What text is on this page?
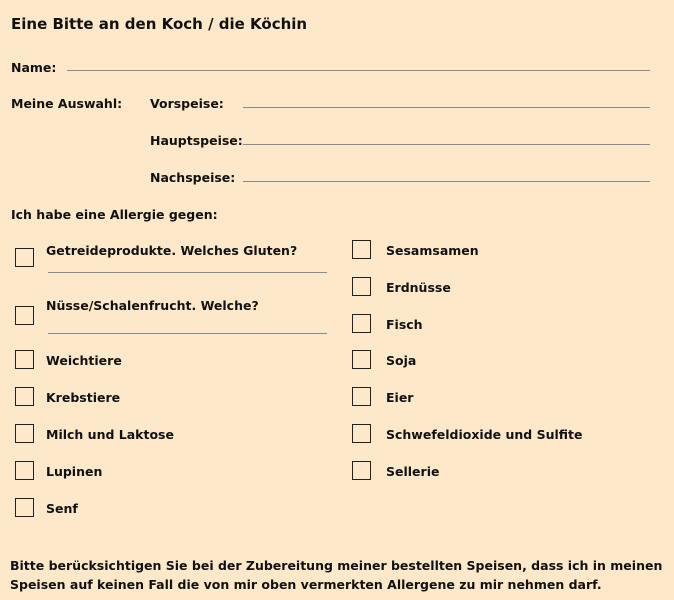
Eine Bitte an den Koch / die Köchin
Name:
Meine Auswahl: Vorspeise:
Hauptspeise:
Nachspeise:
Ich habe eine Allergie gegen:
Getreideprodukte. Welches Gluten?
Nüsse/Schalenfrucht. Welche?
Weichtiere
Krebstiere
Milch und Laktose
Lupinen
Senf
Sesamsamen
Erdnüsse
Fisch
Soja
Eier
Schwefeldioxide und Sulfite
Sellerie
Bitte berücksichtigen Sie bei der Zubereitung meiner bestellten Speisen, dass ich in meinen Speisen auf keinen Fall die von mir oben vermerkten Allergene zu mir nehmen darf.
